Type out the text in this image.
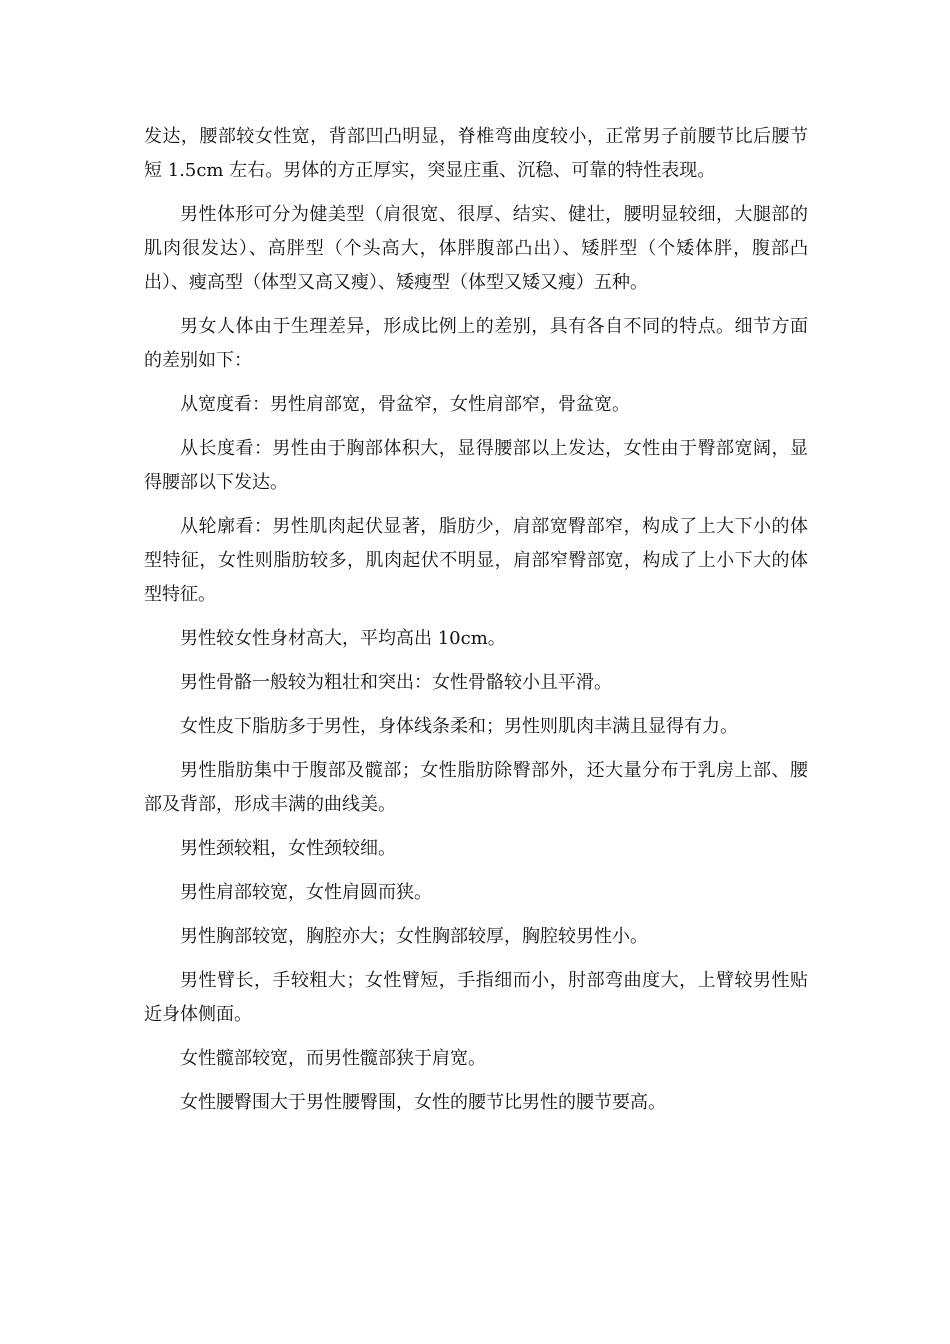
发达，腰部较女性宽，背部凹凸明显，脊椎弯曲度较小，正常男子前腰节比后腰节短 1.5cm 左右。男体的方正厚实，突显庄重、沉稳、可靠的特性表现。

男性体形可分为健美型（肩很宽、很厚、结实、健壮，腰明显较细，大腿部的肌肉很发达）、高胖型（个头高大，体胖腹部凸出）、矮胖型（个矮体胖，腹部凸出）、瘦高型（体型又高又瘦）、矮瘦型（体型又矮又瘦）五种。

男女人体由于生理差异，形成比例上的差别，具有各自不同的特点。细节方面的差别如下：

从宽度看：男性肩部宽，骨盆窄，女性肩部窄，骨盆宽。

从长度看：男性由于胸部体积大，显得腰部以上发达，女性由于臀部宽阔，显得腰部以下发达。

从轮廓看：男性肌肉起伏显著，脂肪少，肩部宽臀部窄，构成了上大下小的体型特征，女性则脂肪较多，肌肉起伏不明显，肩部窄臀部宽，构成了上小下大的体型特征。

男性较女性身材高大，平均高出 10cm。

男性骨骼一般较为粗壮和突出：女性骨骼较小且平滑。

女性皮下脂肪多于男性，身体线条柔和；男性则肌肉丰满且显得有力。

男性脂肪集中于腹部及髋部；女性脂肪除臀部外，还大量分布于乳房上部、腰部及背部，形成丰满的曲线美。

男性颈较粗，女性颈较细。

男性肩部较宽，女性肩圆而狭。

男性胸部较宽，胸腔亦大；女性胸部较厚，胸腔较男性小。

男性臂长，手较粗大；女性臂短，手指细而小，肘部弯曲度大，上臂较男性贴近身体侧面。

女性髋部较宽，而男性髋部狭于肩宽。

女性腰臀围大于男性腰臀围，女性的腰节比男性的腰节要高。
